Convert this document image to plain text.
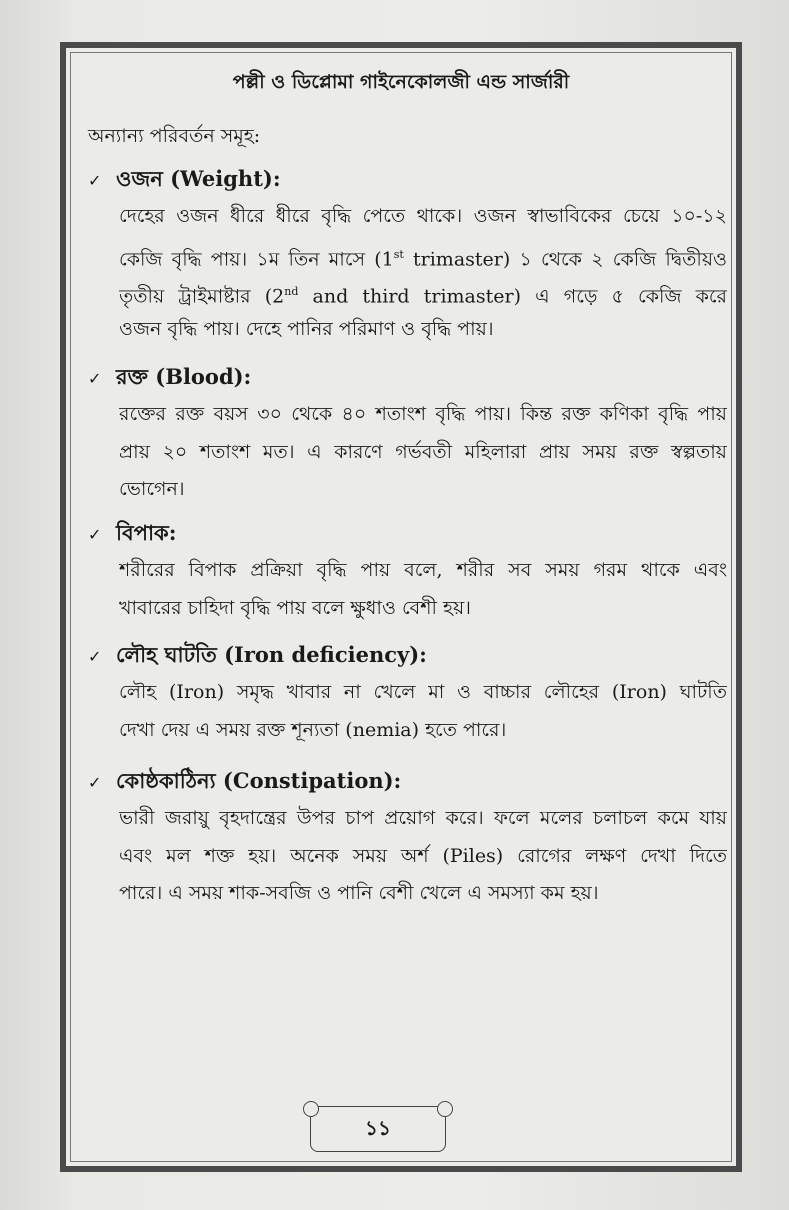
পল্লী ও ডিপ্লোমা গাইনেকোলজী এন্ড সার্জারী
অন্যান্য পরিবর্তন সমূহ:
✓ ওজন (Weight):
দেহের ওজন ধীরে ধীরে বৃদ্ধি পেতে থাকে। ওজন স্বাভাবিকের চেয়ে ১০-১২
কেজি বৃদ্ধি পায়। ১ম তিন মাসে (1st trimaster) ১ থেকে ২ কেজি দ্বিতীয়ও
তৃতীয় ট্রাইমাষ্টার (2nd and third trimaster) এ গড়ে ৫ কেজি করে
ওজন বৃদ্ধি পায়। দেহে পানির পরিমাণ ও বৃদ্ধি পায়।
✓ রক্ত (Blood):
রক্তের রক্ত বয়স ৩০ থেকে ৪০ শতাংশ বৃদ্ধি পায়। কিন্ত রক্ত কণিকা বৃদ্ধি পায়
প্রায় ২০ শতাংশ মত। এ কারণে গর্ভবতী মহিলারা প্রায় সময় রক্ত স্বল্পতায়
ভোগেন।
✓ বিপাক:
শরীরের বিপাক প্রক্রিয়া বৃদ্ধি পায় বলে, শরীর সব সময় গরম থাকে এবং
খাবারের চাহিদা বৃদ্ধি পায় বলে ক্ষুধাও বেশী হয়।
✓ লৌহ ঘাটতি (Iron deficiency):
লৌহ (Iron) সমৃদ্ধ খাবার না খেলে মা ও বাচ্চার লৌহের (Iron) ঘাটতি
দেখা দেয় এ সময় রক্ত শূন্যতা (nemia) হতে পারে।
✓ কোষ্ঠকাঠিন্য (Constipation):
ভারী জরায়ু বৃহদান্ত্রের উপর চাপ প্রয়োগ করে। ফলে মলের চলাচল কমে যায়
এবং মল শক্ত হয়। অনেক সময় অর্শ (Piles) রোগের লক্ষণ দেখা দিতে
পারে। এ সময় শাক-সবজি ও পানি বেশী খেলে এ সমস্যা কম হয়।
১১
